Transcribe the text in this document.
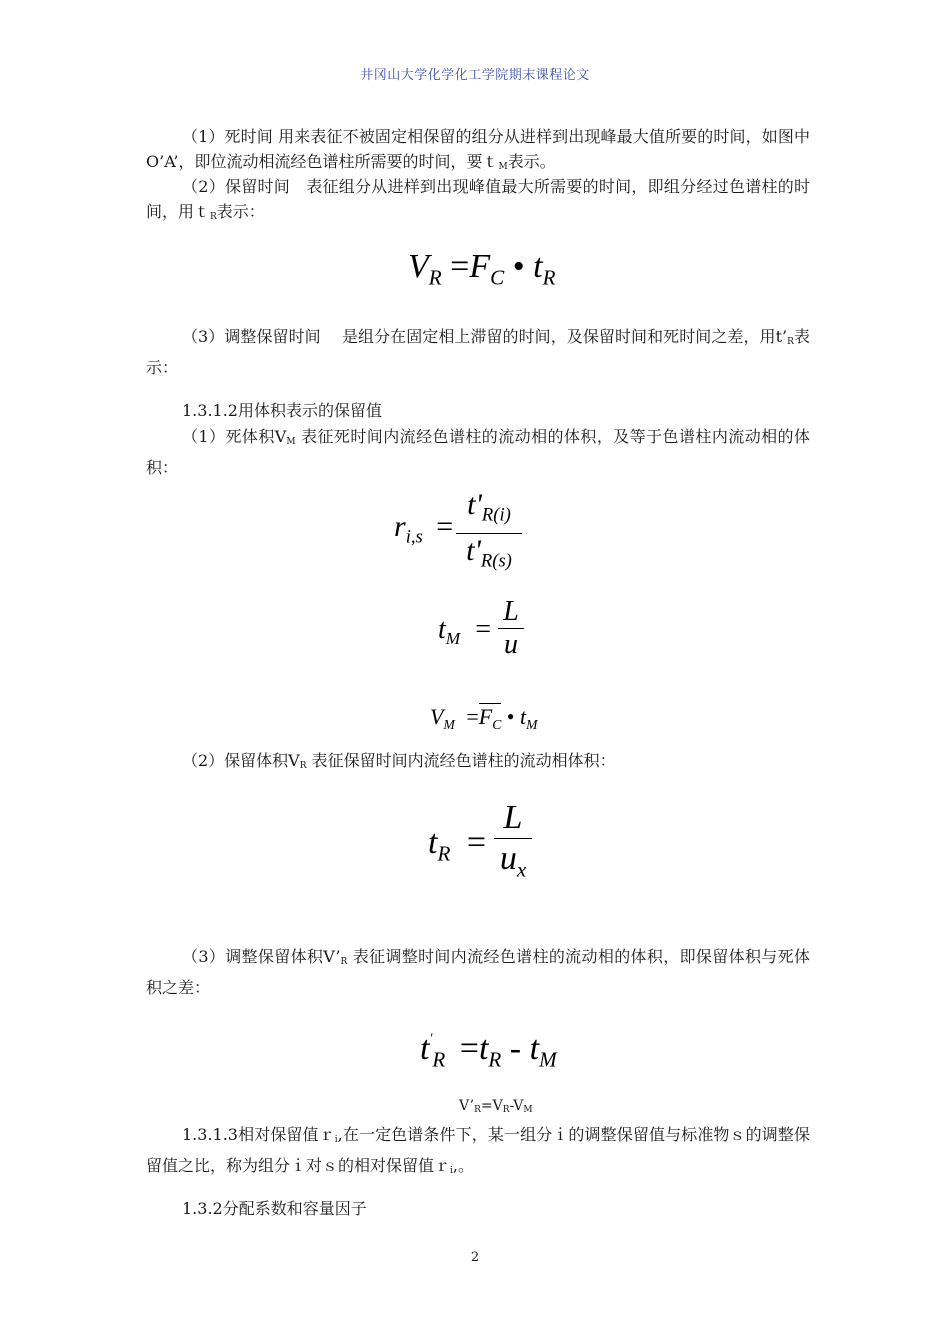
井冈山大学化学化工学院期末课程论文
（1）死时间 用来表征不被固定相保留的组分从进样到出现峰最大值所要的时间，如图中O’A’，即位流动相流经色谱柱所需要的时间，要ｔ$_M$表示。
（2）保留时间　表征组分从进样到出现峰值最大所需要的时间，即组分经过色谱柱的时间，用ｔ$_R$表示：
$V_R =F_C$ • $t_R$
（3）调整保留时间　 是组分在固定相上滞留的时间，及保留时间和死时间之差，用$t’_R$表示：
1.3.1.2用体积表示的保留值
（1）死体积$V_M$ 表征死时间内流经色谱柱的流动相的体积，及等于色谱柱内流动相的体积：
$r_{i,s}$ =
$t'_{R(i)}$
$t'_{R(s)}$
$t_M$ =
L
u
$V_M =F_C$ • $t_M$
（2）保留体积$V_R$ 表征保留时间内流经色谱柱的流动相体积：
$t_R$ =
L
$u_x$
（3）调整保留体积$V’_R$ 表征调整时间内流经色谱柱的流动相的体积，即保留体积与死体积之差：
$t'_R =t_R - t_M$
$V’_R=V_R-V_M$
1.3.1.3相对保留值ｒ$_i$,在一定色谱条件下，某一组分ｉ的调整保留值与标准物ｓ的调整保留值之比，称为组分ｉ对ｓ的相对保留值ｒ$_i$,。
1.3.2分配系数和容量因子
2
